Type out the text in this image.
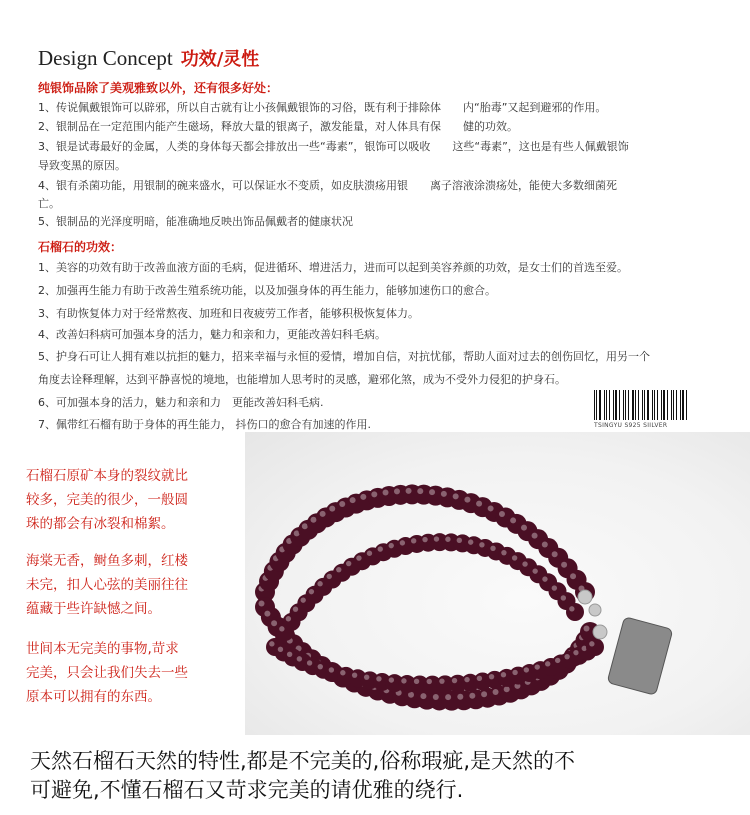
Design Concept 功效/灵性
纯银饰品除了美观雅致以外，还有很多好处：
1、传说佩戴银饰可以辟邪，所以自古就有让小孩佩戴银饰的习俗，既有利于排除体　　内“胎毒”又起到避邪的作用。
2、银制品在一定范围内能产生磁场，释放大量的银离子，激发能量，对人体具有保　　健的功效。
3、银是试毒最好的金属，人类的身体每天都会排放出一些“毒素”，银饰可以吸收　　这些“毒素”，这也是有些人佩戴银饰
导致变黑的原因。
4、银有杀菌功能，用银制的碗来盛水，可以保证水不变质，如皮肤溃疡用银　　离子溶液涂溃疡处，能使大多数细菌死
亡。
5、银制品的光泽度明暗，能准确地反映出饰品佩戴者的健康状况
石榴石的功效：
1、美容的功效有助于改善血液方面的毛病，促进循环、增进活力，进而可以起到美容养颜的功效，是女士们的首选至爱。
2、加强再生能力有助于改善生殖系统功能，以及加强身体的再生能力，能够加速伤口的愈合。
3、有助恢复体力对于经常熬夜、加班和日夜疲劳工作者，能够积极恢复体力。
4、改善妇科病可加强本身的活力，魅力和亲和力，更能改善妇科毛病。
5、护身石可让人拥有难以抗拒的魅力，招来幸福与永恒的爱情，增加自信，对抗忧郁，帮助人面对过去的创伤回忆，用另一个
角度去诠释理解，达到平静喜悦的境地，也能增加人思考时的灵感，避邪化煞，成为不受外力侵犯的护身石。
6、可加强本身的活力，魅力和亲和力　更能改善妇科毛病.
7、佩带红石榴有助于身体的再生能力， 抖伤口的愈合有加速的作用.	TSINGYU S925 SIILVER
石榴石原矿本身的裂纹就比
较多，完美的很少，一般圆
珠的都会有冰裂和棉絮。
海棠无香，鲥鱼多刺，红楼
未完，扣人心弦的美丽往往
蕴藏于些许缺憾之间。
世间本无完美的事物,苛求
完美，只会让我们失去一些
原本可以拥有的东西。
天然石榴石天然的特性,都是不完美的,俗称瑕疵,是天然的不
可避免,不懂石榴石又苛求完美的请优雅的绕行.
